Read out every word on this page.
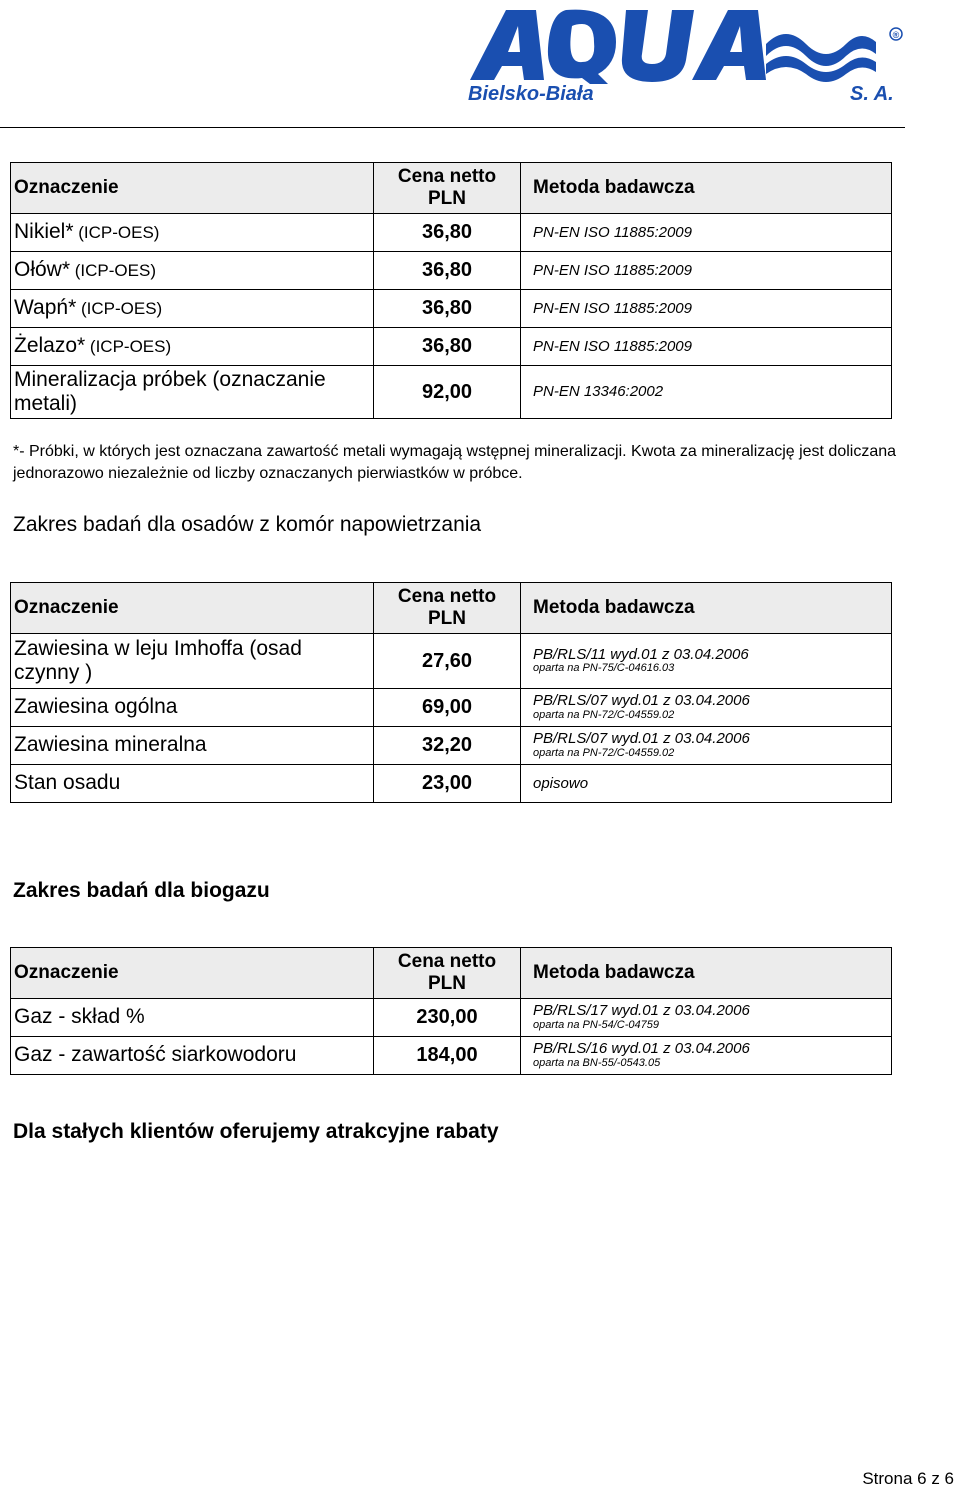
®
Bielsko-Biała	S. A.
AQUA
Oznaczenie	Cena netto PLN	Metoda badawcza
Nikiel* (ICP-OES)	36,80	PN-EN ISO 11885:2009
Ołów* (ICP-OES)	36,80	PN-EN ISO 11885:2009
Wapń* (ICP-OES)	36,80	PN-EN ISO 11885:2009
Żelazo* (ICP-OES)	36,80	PN-EN ISO 11885:2009
Mineralizacja próbek (oznaczanie metali)	92,00	PN-EN 13346:2002
*- Próbki, w których jest oznaczana zawartość metali wymagają wstępnej mineralizacji. Kwota za mineralizację jest doliczana jednorazowo niezależnie od liczby oznaczanych pierwiastków w próbce.
Zakres badań dla osadów z komór napowietrzania
Oznaczenie	Cena netto PLN	Metoda badawcza
Zawiesina w leju Imhoffa (osad czynny )	27,60	PB/RLS/11 wyd.01 z 03.04.2006
oparta na PN-75/C-04616.03

Zawiesina ogólna	69,00	PB/RLS/07 wyd.01 z 03.04.2006
oparta na PN-72/C-04559.02

Zawiesina mineralna	32,20	PB/RLS/07 wyd.01 z 03.04.2006
oparta na PN-72/C-04559.02

Stan osadu	23,00	opisowo
Zakres badań dla biogazu
Oznaczenie	Cena netto PLN	Metoda badawcza
Gaz - skład %	230,00	PB/RLS/17 wyd.01 z 03.04.2006
oparta na PN-54/C-04759

Gaz - zawartość siarkowodoru	184,00	PB/RLS/16 wyd.01 z 03.04.2006
oparta na BN-55/-0543.05
Dla stałych klientów oferujemy atrakcyjne rabaty
Strona 6 z 6
